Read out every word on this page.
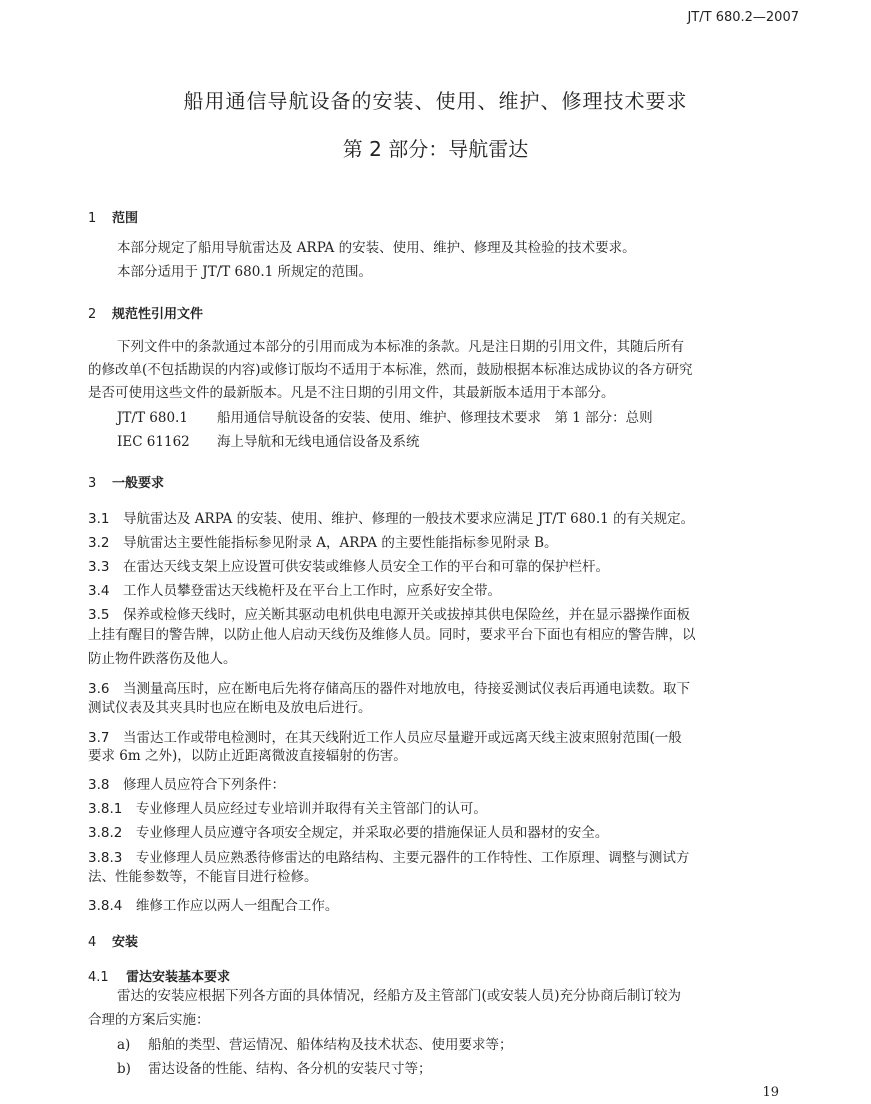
JT/T 680.2—2007
船用通信导航设备的安装、使用、维护、修理技术要求
第 2 部分：导航雷达
1 范围
本部分规定了船用导航雷达及 ARPA 的安装、使用、维护、修理及其检验的技术要求。
本部分适用于 JT/T 680.1 所规定的范围。
2 规范性引用文件
下列文件中的条款通过本部分的引用而成为本标准的条款。凡是注日期的引用文件，其随后所有
的修改单(不包括勘误的内容)或修订版均不适用于本标准，然而，鼓励根据本标准达成协议的各方研究
是否可使用这些文件的最新版本。凡是不注日期的引用文件，其最新版本适用于本部分。
JT/T 680.1 船用通信导航设备的安装、使用、维护、修理技术要求　第 1 部分：总则
IEC 61162 海上导航和无线电通信设备及系统
3 一般要求
3.1　 导航雷达及 ARPA 的安装、使用、维护、修理的一般技术要求应满足 JT/T 680.1 的有关规定。
3.2　 导航雷达主要性能指标参见附录 A，ARPA 的主要性能指标参见附录 B。
3.3　 在雷达天线支架上应设置可供安装或维修人员安全工作的平台和可靠的保护栏杆。
3.4　 工作人员攀登雷达天线桅杆及在平台上工作时，应系好安全带。
3.5　 保养或检修天线时，应关断其驱动电机供电电源开关或拔掉其供电保险丝，并在显示器操作面板
上挂有醒目的警告牌，以防止他人启动天线伤及维修人员。同时，要求平台下面也有相应的警告牌，以
防止物件跌落伤及他人。
3.6　 当测量高压时，应在断电后先将存储高压的器件对地放电，待接妥测试仪表后再通电读数。取下
测试仪表及其夹具时也应在断电及放电后进行。
3.7　 当雷达工作或带电检测时，在其天线附近工作人员应尽量避开或远离天线主波束照射范围(一般
要求 6m 之外)，以防止近距离微波直接辐射的伤害。
3.8　 修理人员应符合下列条件：
3.8.1　 专业修理人员应经过专业培训并取得有关主管部门的认可。
3.8.2　 专业修理人员应遵守各项安全规定，并采取必要的措施保证人员和器材的安全。
3.8.3　 专业修理人员应熟悉待修雷达的电路结构、主要元器件的工作特性、工作原理、调整与测试方
法、性能参数等，不能盲目进行检修。
3.8.4　 维修工作应以两人一组配合工作。
4 安装
4.1 雷达安装基本要求
雷达的安装应根据下列各方面的具体情况，经船方及主管部门(或安装人员)充分协商后制订较为
合理的方案后实施：
a) 船舶的类型、营运情况、船体结构及技术状态、使用要求等；
b) 雷达设备的性能、结构、各分机的安装尺寸等；
19
